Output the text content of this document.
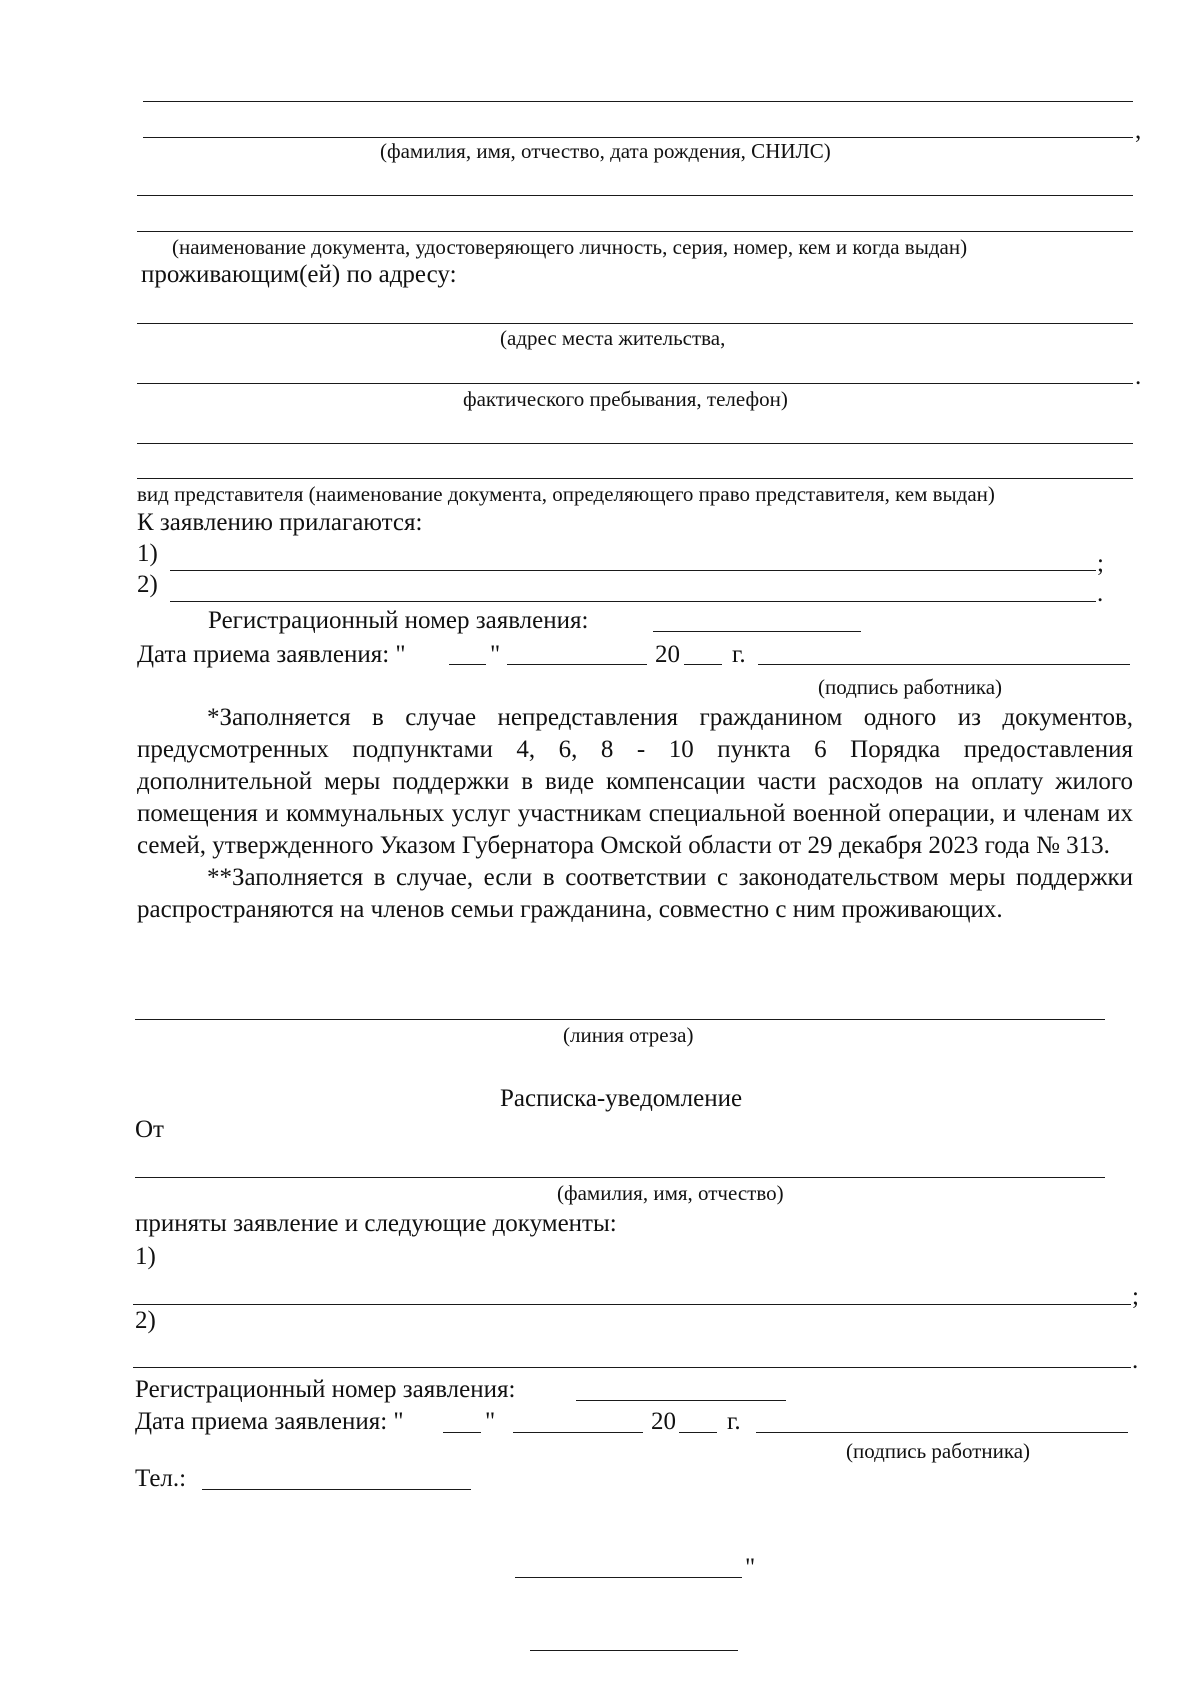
,
(фамилия, имя, отчество, дата рождения, СНИЛС)
(наименование документа, удостоверяющего личность, серия, номер, кем и когда выдан)
проживающим(ей) по адресу:
(адрес места жительства,
.
фактического пребывания, телефон)
вид представителя (наименование документа, определяющего право представителя, кем выдан)
К заявлению прилагаются:
1)	;
2)	.
Регистрационный номер заявления:
Дата приема заявления: "	"	20 г.
(подпись работника)

*Заполняется в случае непредставления гражданином одного из документов, предусмотренных подпунктами 4, 6, 8 - 10 пункта 6 Порядка предоставления дополнительной меры поддержки в виде компенсации части расходов на оплату жилого помещения и коммунальных услуг участникам специальной военной операции, и членам их семей, утвержденного Указом Губернатора Омской области от 29 декабря 2023 года № 313.

**Заполняется в случае, если в соответствии с законодательством меры поддержки распространяются на членов семьи гражданина, совместно с ним проживающих.

(линия отреза)
Расписка-уведомление
От
(фамилия, имя, отчество)
приняты заявление и следующие документы:
1)
;
2)
.
Регистрационный номер заявления:
Дата приема заявления: "	"	20 г.
(подпись работника)
Тел.:
"
